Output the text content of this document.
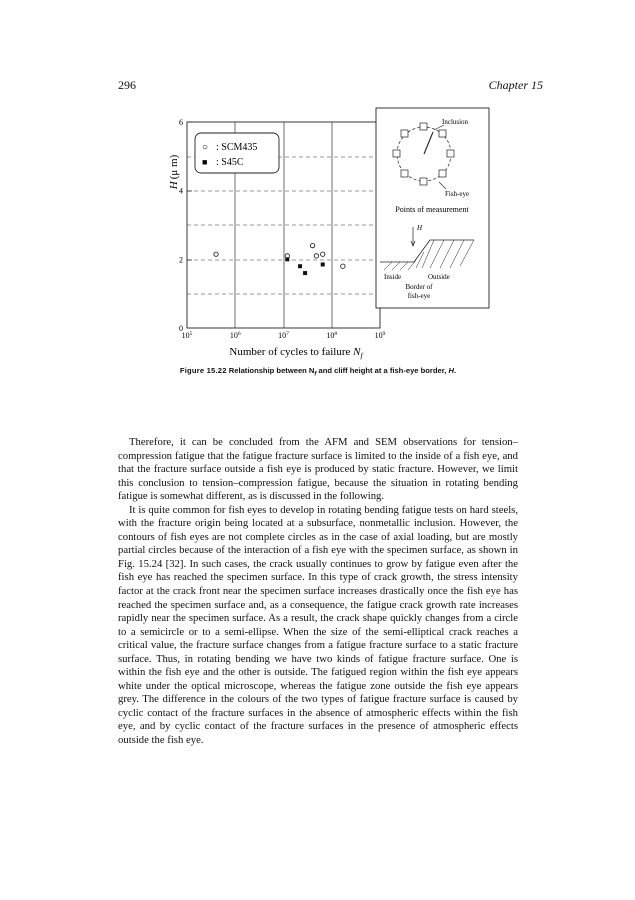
296	Chapter 15
0
2
4
6
$10^5$	$10^6$	$10^7$	$10^8$	$10^9$
H(μ m)
Number of cycles to failure $N_f$
○ : SCM435
■ : S45C
Inclusion
Fish-eye
Points of measurement
H
Inside	Outside
Border of
fish-eye
Figure 15.22 Relationship between $N_f$ and cliff height at a fish-eye border, H.

Therefore, it can be concluded from the AFM and SEM observations for tension– compression fatigue that the fatigue fracture surface is limited to the inside of a fish eye, and that the fracture surface outside a fish eye is produced by static fracture. However, we limit this conclusion to tension–compression fatigue, because the situation in rotating bending fatigue is somewhat different, as is discussed in the following.

It is quite common for fish eyes to develop in rotating bending fatigue tests on hard steels, with the fracture origin being located at a subsurface, nonmetallic inclusion. However, the contours of fish eyes are not complete circles as in the case of axial loading, but are mostly partial circles because of the interaction of a fish eye with the specimen surface, as shown in Fig. 15.24 [32]. In such cases, the crack usually continues to grow by fatigue even after the fish eye has reached the specimen surface. In this type of crack growth, the stress intensity factor at the crack front near the specimen surface increases drastically once the fish eye has reached the specimen surface and, as a consequence, the fatigue crack growth rate increases rapidly near the specimen surface. As a result, the crack shape quickly changes from a circle to a semicircle or to a semi-ellipse. When the size of the semi-elliptical crack reaches a critical value, the fracture surface changes from a fatigue fracture surface to a static fracture surface. Thus, in rotating bending we have two kinds of fatigue fracture surface. One is within the fish eye and the other is outside. The fatigued region within the fish eye appears white under the optical microscope, whereas the fatigue zone outside the fish eye appears grey. The difference in the colours of the two types of fatigue fracture surface is caused by cyclic contact of the fracture surfaces in the absence of atmospheric effects within the fish eye, and by cyclic contact of the fracture surfaces in the presence of atmospheric effects outside the fish eye.
